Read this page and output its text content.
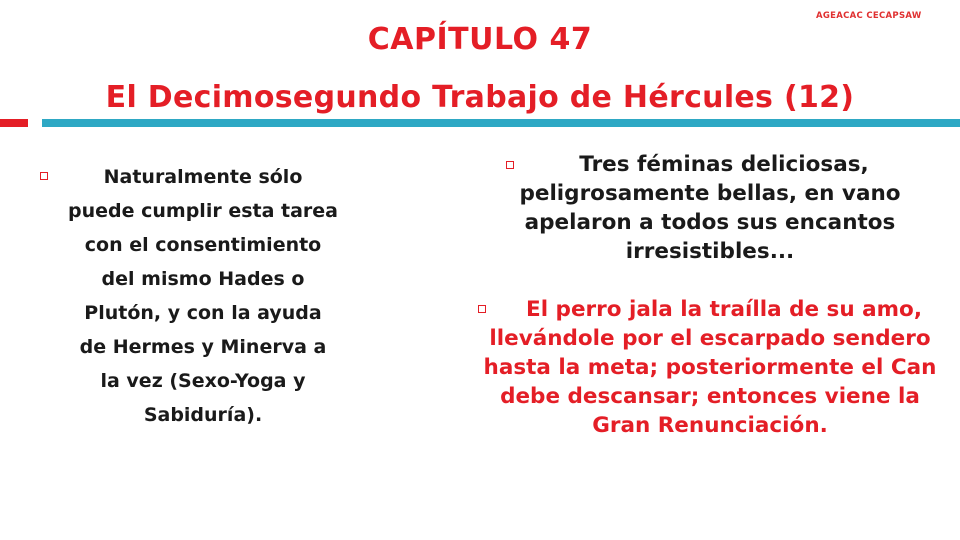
AGEACAC CECAPSAW
CAPÍTULO 47
El Decimosegundo Trabajo de Hércules (12)
Naturalmente sólo puede cumplir esta tarea con el consentimiento del mismo Hades o Plutón, y con la ayuda de Hermes y Minerva a la vez (Sexo-Yoga y Sabiduría).
Tres féminas deliciosas, peligrosamente bellas, en vano apelaron a todos sus encantos irresistibles...
El perro jala la traílla de su amo, llevándole por el escarpado sendero hasta la meta; posteriormente el Can debe descansar; entonces viene la Gran Renunciación.
